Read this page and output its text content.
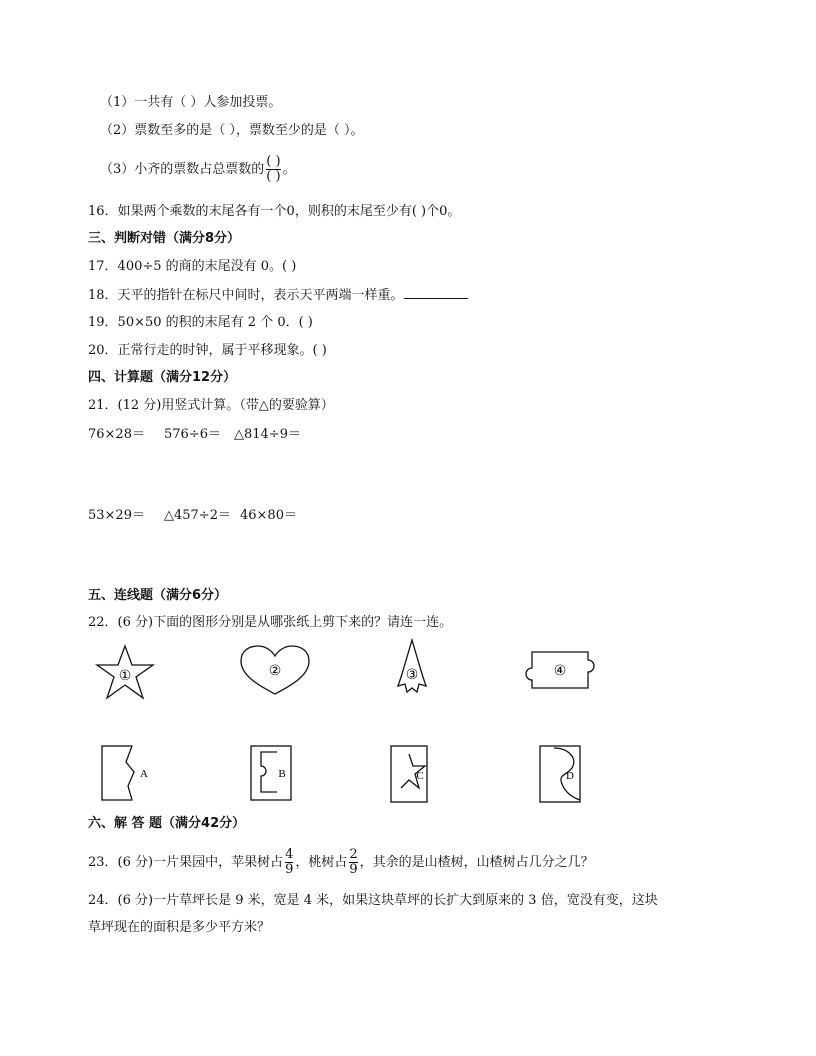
（1）一共有（ ）人参加投票。
（2）票数至多的是（ ），票数至少的是（ ）。
（3）小齐的票数占总票数的 $\frac{( )}{( )}$ 。
16．如果两个乘数的末尾各有一个0，则积的末尾至少有( )个0。
三、判断对错（满分8分）
17．400÷5 的商的末尾没有 0。( )
18．天平的指针在标尺中间时，表示天平两端一样重。
19．50×50 的积的末尾有 2 个 0．( )
20．正常行走的时钟，属于平移现象。( )
四、计算题（满分12分）
21．(12 分)用竖式计算。（带△的要验算）
76×28＝ 576÷6＝ △814÷9＝
53×29＝ △457÷2＝ 46×80＝
五、连线题（满分6分）
22．(6 分)下面的图形分别是从哪张纸上剪下来的？请连一连。
①	②	③	④
A	B	C	D
六、解 答 题（满分42分）
23．(6 分)一片果园中，苹果树占 $\frac{4}{9}$ ，桃树占 $\frac{2}{9}$ ，其余的是山楂树，山楂树占几分之几？
24．(6 分)一片草坪长是 9 米，宽是 4 米，如果这块草坪的长扩大到原来的 3 倍，宽没有变，这块
草坪现在的面积是多少平方米？
